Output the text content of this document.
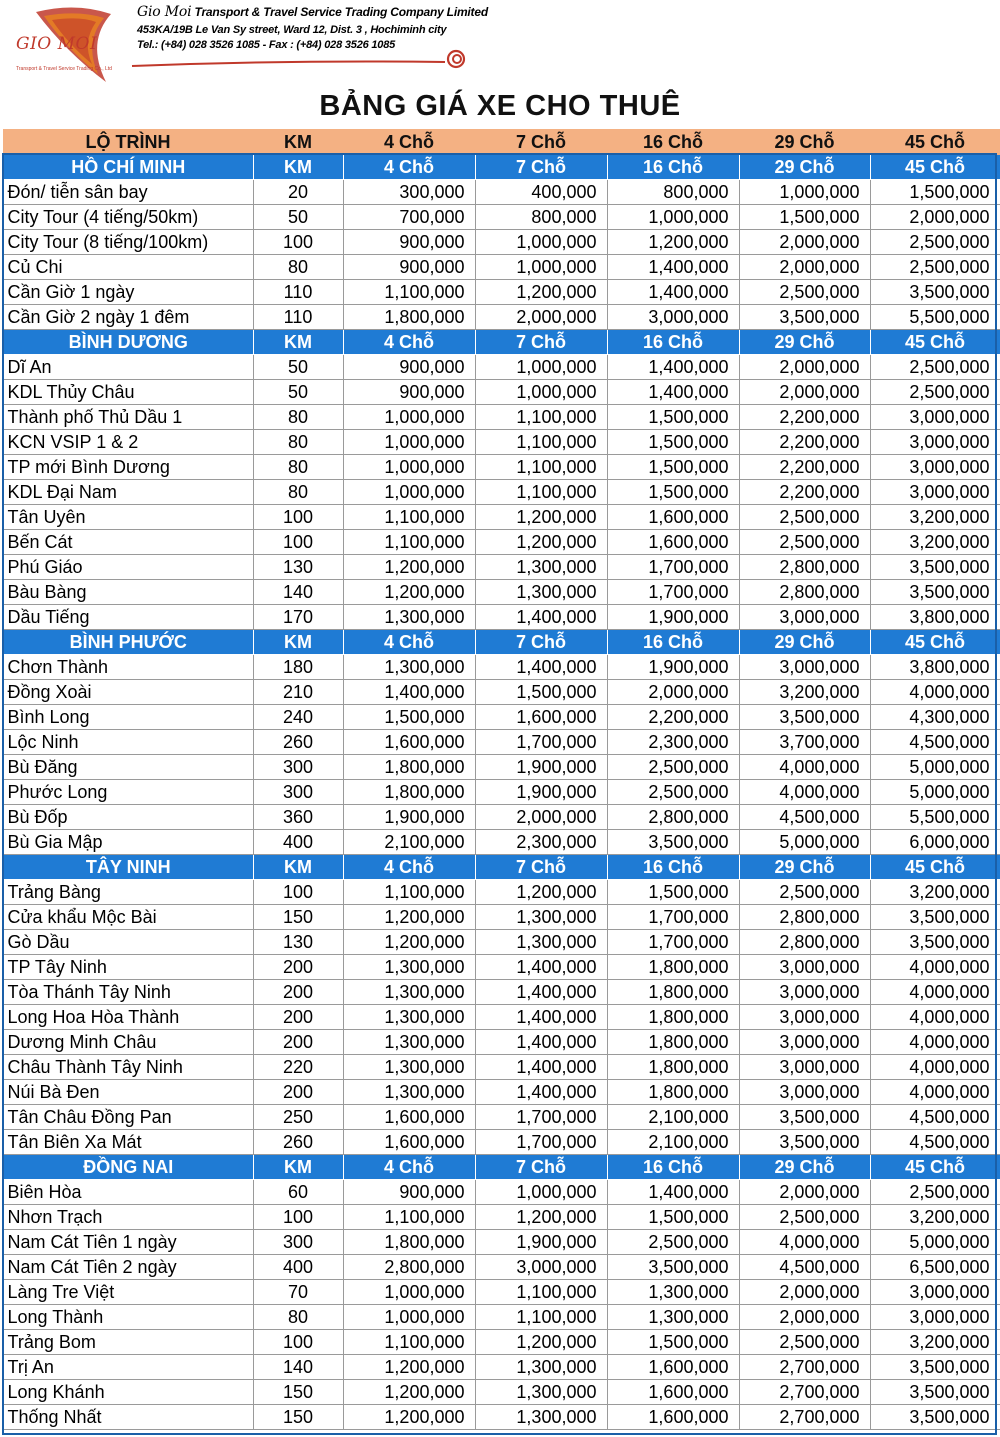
GIO MOI
Transport & Travel Service Trading Co., Ltd
Gio Moi Transport & Travel Service Trading Company Limited
453KA/19B Le Van Sy street, Ward 12, Dist. 3 , Hochiminh city
Tel.: (+84) 028 3526 1085 - Fax : (+84) 028 3526 1085
BẢNG GIÁ XE CHO THUÊ
LỘ TRÌNH	KM	4 Chỗ	7 Chỗ	16 Chỗ	29 Chỗ	45 Chỗ
HỒ CHÍ MINH	KM	4 Chỗ	7 Chỗ	16 Chỗ	29 Chỗ	45 Chỗ
Đón/ tiễn sân bay	20	300,000	400,000	800,000	1,000,000	1,500,000
City Tour (4 tiếng/50km)	50	700,000	800,000	1,000,000	1,500,000	2,000,000
City Tour (8 tiếng/100km)	100	900,000	1,000,000	1,200,000	2,000,000	2,500,000
Củ Chi	80	900,000	1,000,000	1,400,000	2,000,000	2,500,000
Cần Giờ 1 ngày	110	1,100,000	1,200,000	1,400,000	2,500,000	3,500,000
Cần Giờ 2 ngày 1 đêm	110	1,800,000	2,000,000	3,000,000	3,500,000	5,500,000
BÌNH DƯƠNG	KM	4 Chỗ	7 Chỗ	16 Chỗ	29 Chỗ	45 Chỗ
Dĩ An	50	900,000	1,000,000	1,400,000	2,000,000	2,500,000
KDL Thủy Châu	50	900,000	1,000,000	1,400,000	2,000,000	2,500,000
Thành phố Thủ Dầu 1	80	1,000,000	1,100,000	1,500,000	2,200,000	3,000,000
KCN VSIP 1 & 2	80	1,000,000	1,100,000	1,500,000	2,200,000	3,000,000
TP mới Bình Dương	80	1,000,000	1,100,000	1,500,000	2,200,000	3,000,000
KDL Đại Nam	80	1,000,000	1,100,000	1,500,000	2,200,000	3,000,000
Tân Uyên	100	1,100,000	1,200,000	1,600,000	2,500,000	3,200,000
Bến Cát	100	1,100,000	1,200,000	1,600,000	2,500,000	3,200,000
Phú Giáo	130	1,200,000	1,300,000	1,700,000	2,800,000	3,500,000
Bàu Bàng	140	1,200,000	1,300,000	1,700,000	2,800,000	3,500,000
Dầu Tiếng	170	1,300,000	1,400,000	1,900,000	3,000,000	3,800,000
BÌNH PHƯỚC	KM	4 Chỗ	7 Chỗ	16 Chỗ	29 Chỗ	45 Chỗ
Chơn Thành	180	1,300,000	1,400,000	1,900,000	3,000,000	3,800,000
Đồng Xoài	210	1,400,000	1,500,000	2,000,000	3,200,000	4,000,000
Bình Long	240	1,500,000	1,600,000	2,200,000	3,500,000	4,300,000
Lộc Ninh	260	1,600,000	1,700,000	2,300,000	3,700,000	4,500,000
Bù Đăng	300	1,800,000	1,900,000	2,500,000	4,000,000	5,000,000
Phước Long	300	1,800,000	1,900,000	2,500,000	4,000,000	5,000,000
Bù Đốp	360	1,900,000	2,000,000	2,800,000	4,500,000	5,500,000
Bù Gia Mập	400	2,100,000	2,300,000	3,500,000	5,000,000	6,000,000
TÂY NINH	KM	4 Chỗ	7 Chỗ	16 Chỗ	29 Chỗ	45 Chỗ
Trảng Bàng	100	1,100,000	1,200,000	1,500,000	2,500,000	3,200,000
Cửa khẩu Mộc Bài	150	1,200,000	1,300,000	1,700,000	2,800,000	3,500,000
Gò Dầu	130	1,200,000	1,300,000	1,700,000	2,800,000	3,500,000
TP Tây Ninh	200	1,300,000	1,400,000	1,800,000	3,000,000	4,000,000
Tòa Thánh Tây Ninh	200	1,300,000	1,400,000	1,800,000	3,000,000	4,000,000
Long Hoa Hòa Thành	200	1,300,000	1,400,000	1,800,000	3,000,000	4,000,000
Dương Minh Châu	200	1,300,000	1,400,000	1,800,000	3,000,000	4,000,000
Châu Thành Tây Ninh	220	1,300,000	1,400,000	1,800,000	3,000,000	4,000,000
Núi Bà Đen	200	1,300,000	1,400,000	1,800,000	3,000,000	4,000,000
Tân Châu Đồng Pan	250	1,600,000	1,700,000	2,100,000	3,500,000	4,500,000
Tân Biên Xa Mát	260	1,600,000	1,700,000	2,100,000	3,500,000	4,500,000
ĐỒNG NAI	KM	4 Chỗ	7 Chỗ	16 Chỗ	29 Chỗ	45 Chỗ
Biên Hòa	60	900,000	1,000,000	1,400,000	2,000,000	2,500,000
Nhơn Trạch	100	1,100,000	1,200,000	1,500,000	2,500,000	3,200,000
Nam Cát Tiên 1 ngày	300	1,800,000	1,900,000	2,500,000	4,000,000	5,000,000
Nam Cát Tiên 2 ngày	400	2,800,000	3,000,000	3,500,000	4,500,000	6,500,000
Làng Tre Việt	70	1,000,000	1,100,000	1,300,000	2,000,000	3,000,000
Long Thành	80	1,000,000	1,100,000	1,300,000	2,000,000	3,000,000
Trảng Bom	100	1,100,000	1,200,000	1,500,000	2,500,000	3,200,000
Trị An	140	1,200,000	1,300,000	1,600,000	2,700,000	3,500,000
Long Khánh	150	1,200,000	1,300,000	1,600,000	2,700,000	3,500,000
Thống Nhất	150	1,200,000	1,300,000	1,600,000	2,700,000	3,500,000
